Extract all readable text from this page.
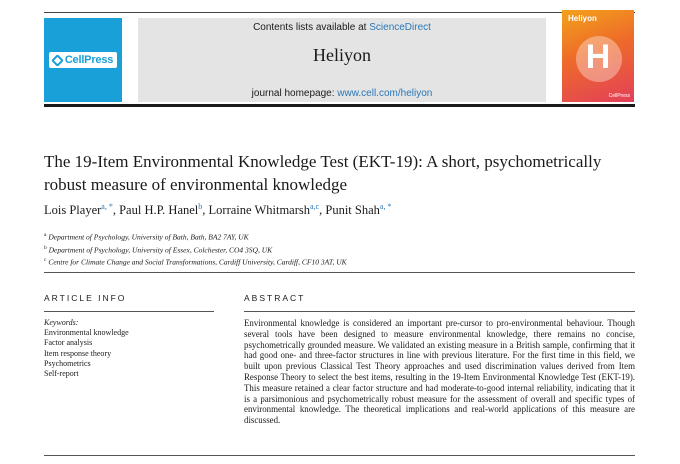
CellPress
Contents lists available at ScienceDirect
Heliyon
journal homepage: www.cell.com/heliyon
Heliyon
H
CellPress
The 19-Item Environmental Knowledge Test (EKT-19): A short, psychometrically robust measure of environmental knowledge
Lois Player$^{a, *}$, Paul H.P. Hanel$^b$, Lorraine Whitmarsh$^{a,c}$, Punit Shah$^{a, *}$
$^a$ Department of Psychology, University of Bath, Bath, BA2 7AY, UK
$^b$ Department of Psychology, University of Essex, Colchester, CO4 3SQ, UK
$^c$ Centre for Climate Change and Social Transformations, Cardiff University, Cardiff, CF10 3AT, UK
ARTICLE INFO	ABSTRACT
Keywords:
Environmental knowledge
Factor analysis
Item response theory
Psychometrics
Self-report
Environmental knowledge is considered an important pre-cursor to pro-environmental behaviour. Though several tools have been designed to measure environmental knowledge, there remains no concise, psychometrically grounded measure. We validated an existing measure in a British sample, confirming that it had good one- and three-factor structures in line with previous literature. For the first time in this field, we built upon previous Classical Test Theory approaches and used discrimination values derived from Item Response Theory to select the best items, resulting in the 19-Item Environmental Knowledge Test (EKT-19). This measure retained a clear factor structure and had moderate-to-good internal reliability, indicating that it is a parsimonious and psychometrically robust measure for the assessment of overall and specific types of environmental knowledge. The theoretical implications and real-world applications of this measure are discussed.
